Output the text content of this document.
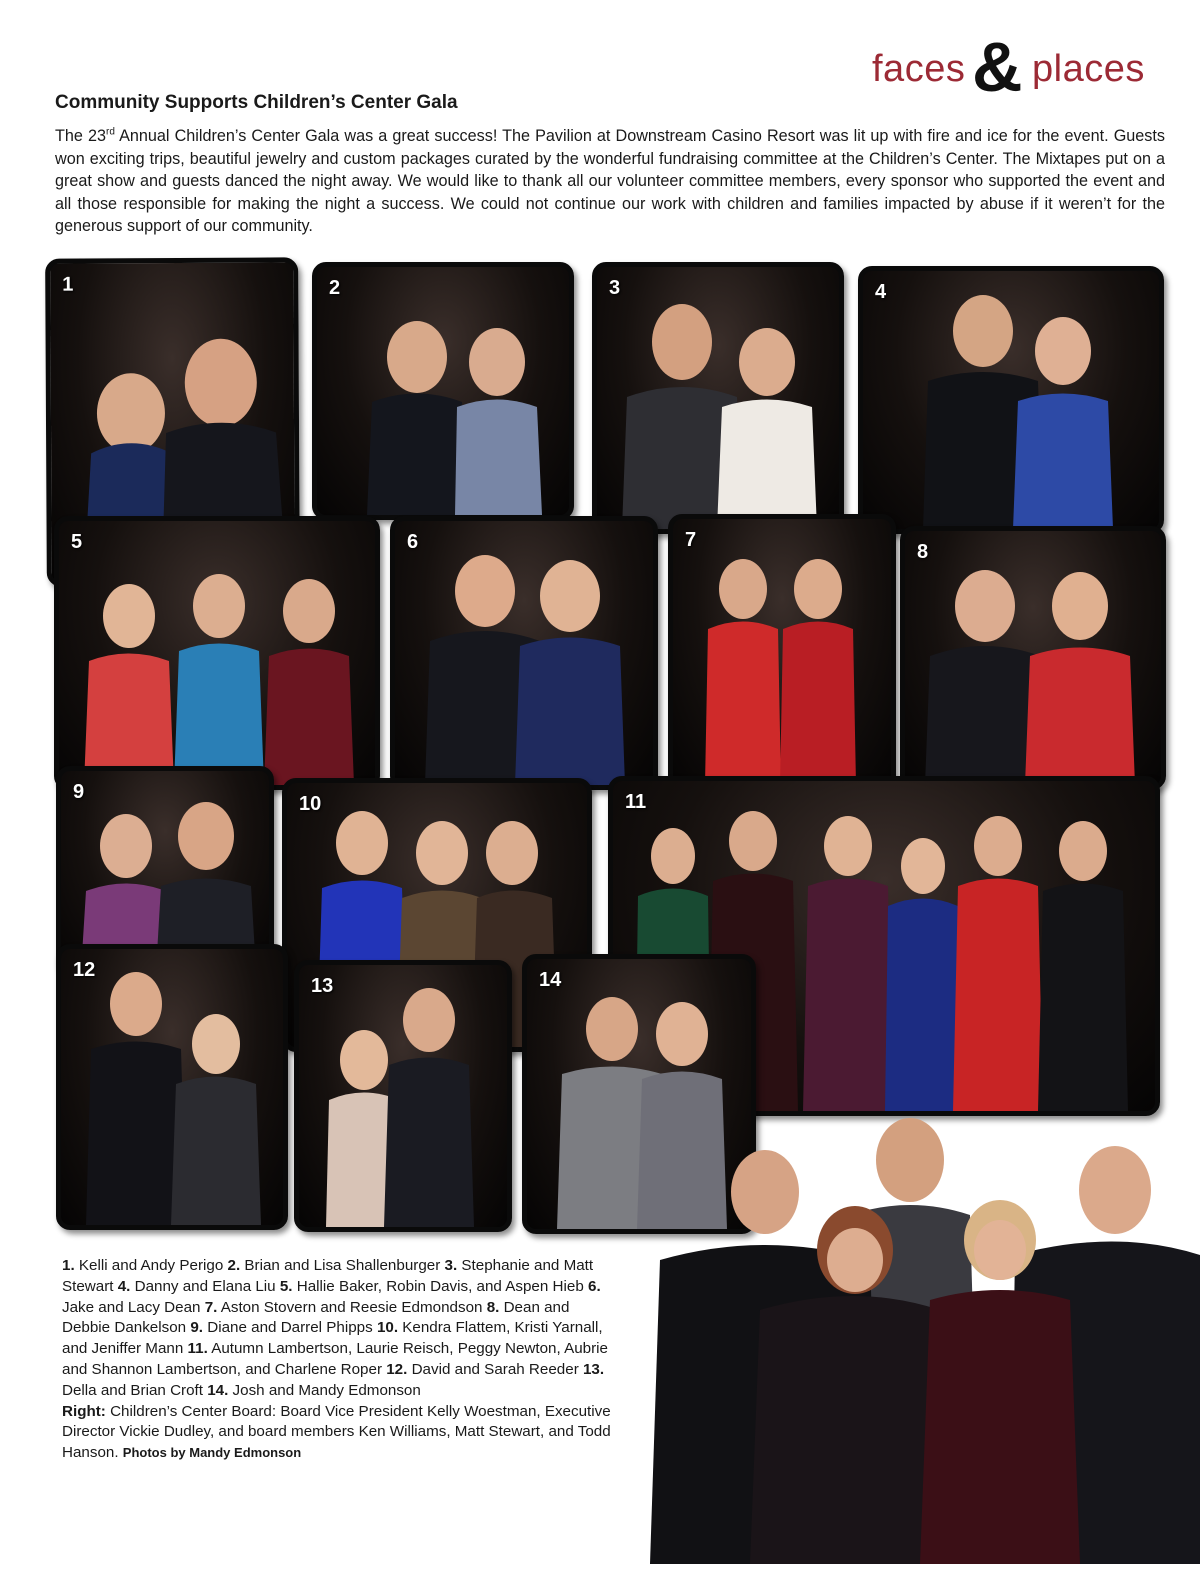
faces & places
Community Supports Children’s Center Gala

The 23rd Annual Children’s Center Gala was a great success! The Pavilion at Downstream Casino Resort was lit up with fire and ice for the event. Guests won exciting trips, beautiful jewelry and custom packages curated by the wonderful fundraising committee at the Children’s Center. The Mixtapes put on a great show and guests danced the night away. We would like to thank all our volunteer committee members, every sponsor who supported the event and all those responsible for making the night a success. We could not continue our work with children and families impacted by abuse if it weren’t for the generous support of our community.

1	2	3	4
5	6	7
8
9
10	11
12
13	14

1. Kelli and Andy Perigo 2. Brian and Lisa Shallenburger 3. Stephanie and Matt Stewart 4. Danny and Elana Liu 5. Hallie Baker, Robin Davis, and Aspen Hieb 6. Jake and Lacy Dean 7. Aston Stovern and Reesie Edmondson 8. Dean and Debbie Dankelson 9. Diane and Darrel Phipps 10. Kendra Flattem, Kristi Yarnall, and Jeniffer Mann 11. Autumn Lambertson, Laurie Reisch, Peggy Newton, Aubrie and Shannon Lambertson, and Charlene Roper 12. David and Sarah Reeder 13. Della and Brian Croft 14. Josh and Mandy Edmonson
Right: Children’s Center Board: Board Vice President Kelly Woestman, Executive Director Vickie Dudley, and board members Ken Williams, Matt Stewart, and Todd Hanson. Photos by Mandy Edmonson
